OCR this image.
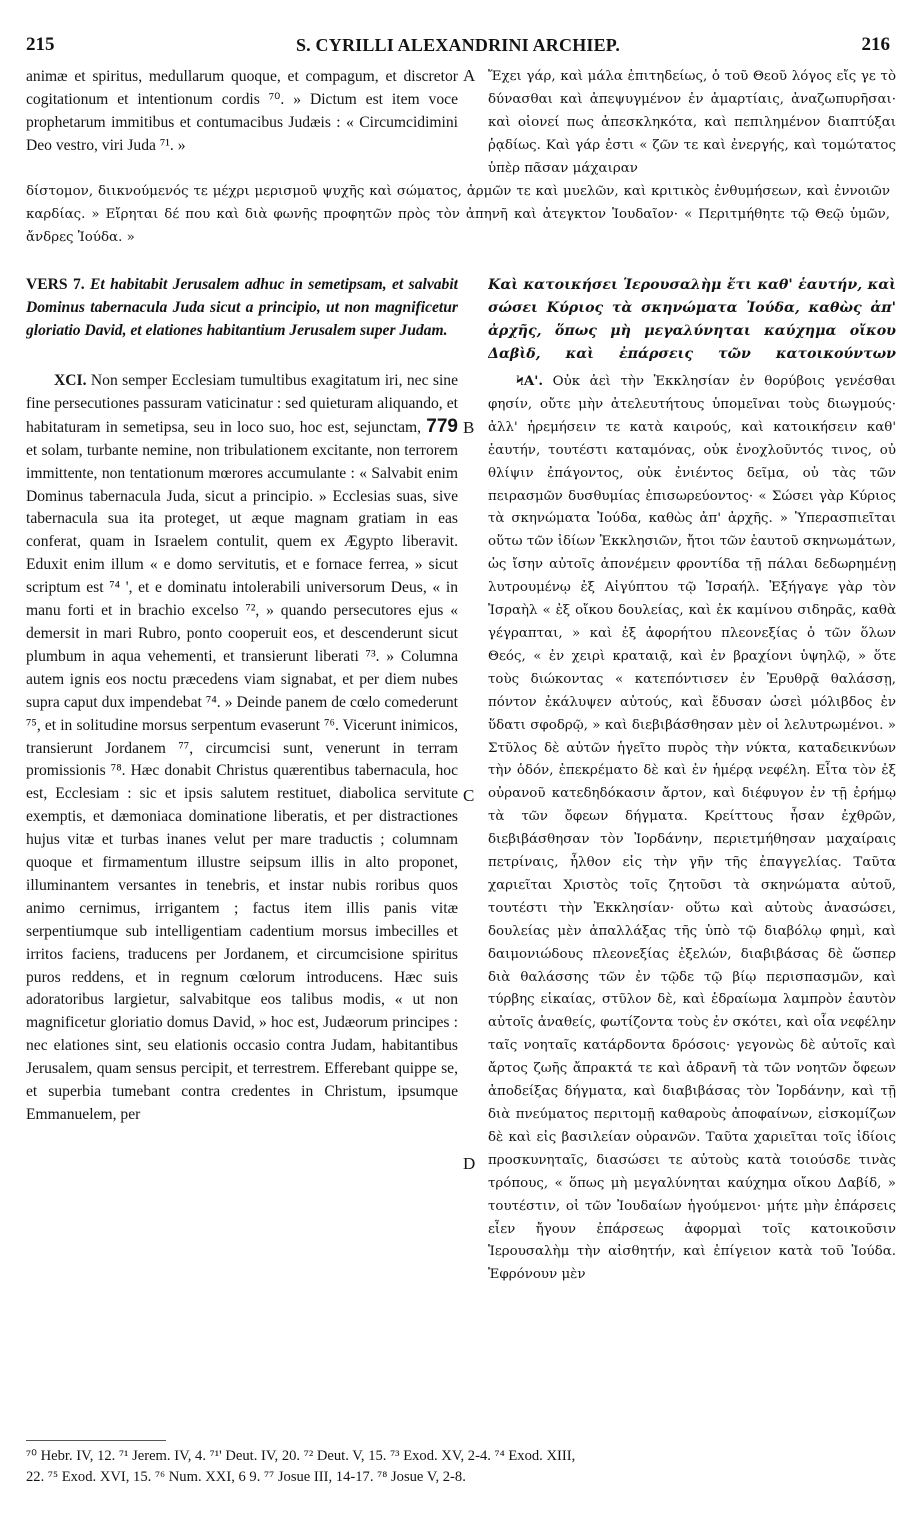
215	S. CYRILLI ALEXANDRINI ARCHIEP.	216
A
B
C
D

animæ et spiritus, medullarum quoque, et compagum, et discretor cogitationum et intentionum cordis ⁷⁰. » Dictum est item voce prophetarum immitibus et contumacibus Judæis : « Circumcidimini Deo vestro, viri Juda ⁷¹. »

Ἔχει γάρ, καὶ μάλα ἐπιτηδείως, ὁ τοῦ Θεοῦ λόγος εἴς γε τὸ δύνασθαι καὶ ἀπεψυγμένον ἐν ἁμαρτίαις, ἀναζωπυρῆσαι· καὶ οἱονεί πως ἀπεσκληκότα, καὶ πεπιλημένον διαπτύξαι ῥᾳδίως. Καὶ γάρ ἐστι « ζῶν τε καὶ ἐνεργής, καὶ τομώτατος ὑπὲρ πᾶσαν μάχαιραν

δίστομον, διικνούμενός τε μέχρι μερισμοῦ ψυχῆς καὶ σώματος, ἁρμῶν τε καὶ μυελῶν, καὶ κριτικὸς ἐνθυμήσεων, καὶ ἐννοιῶν καρδίας. » Εἴρηται δέ που καὶ διὰ φωνῆς προφητῶν πρὸς τὸν ἀπηνῆ καὶ ἀτεγκτον Ἰουδαῖον· « Περιτμήθητε τῷ Θεῷ ὑμῶν, ἄνδρες Ἰούδα. »

VERS 7. Et habitabit Jerusalem adhuc in semetipsam, et salvabit Dominus tabernacula Juda sicut a principio, ut non magnificetur gloriatio David, et elationes habitantium Jerusalem super Judam.

Καὶ κατοικήσει Ἱερουσαλὴμ ἔτι καθ' ἑαυτήν, καὶ σώσει Κύριος τὰ σκηνώματα Ἰούδα, καθὼς ἀπ' ἀρχῆς, ὅπως μὴ μεγαλύνηται καύχημα οἴκου Δαβὶδ, καὶ ἐπάρσεις τῶν κατοικούντων

XCI. Non semper Ecclesiam tumultibus exagitatum iri, nec sine fine persecutiones passuram vaticinatur : sed quieturam aliquando, et habitaturam in semetipsa, seu in loco suo, hoc est, sejunctam, 779 et solam, turbante nemine, non tribulationem excitante, non terrorem immittente, non tentationum mœrores accumulante : « Salvabit enim Dominus tabernacula Juda, sicut a principio. » Ecclesias suas, sive tabernacula sua ita proteget, ut æque magnam gratiam in eas conferat, quam in Israelem contulit, quem ex Ægypto liberavit. Eduxit enim illum « e domo servitutis, et e fornace ferrea, » sicut scriptum est ⁷⁴ ', et e dominatu intolerabili universorum Deus, « in manu forti et in brachio excelso ⁷², » quando persecutores ejus « demersit in mari Rubro, ponto cooperuit eos, et descenderunt sicut plumbum in aqua vehementi, et transierunt liberati ⁷³. » Columna autem ignis eos noctu præcedens viam signabat, et per diem nubes supra caput dux impendebat ⁷⁴. » Deinde panem de cœlo comederunt ⁷⁵, et in solitudine morsus serpentum evaserunt ⁷⁶. Vicerunt inimicos, transierunt Jordanem ⁷⁷, circumcisi sunt, venerunt in terram promissionis ⁷⁸. Hæc donabit Christus quærentibus tabernacula, hoc est, Ecclesiam : sic et ipsis salutem restituet, diabolica servitute exemptis, et dæmoniaca dominatione liberatis, et per distractiones hujus vitæ et turbas inanes velut per mare traductis ; columnam quoque et firmamentum illustre seipsum illis in alto proponet, illuminantem versantes in tenebris, et instar nubis roribus quos animo cernimus, irrigantem ; factus item illis panis vitæ serpentiumque sub intelligentiam cadentium morsus imbecilles et irritos faciens, traducens per Jordanem, et circumcisione spiritus puros reddens, et in regnum cœlorum introducens. Hæc suis adoratoribus largietur, salvabitque eos talibus modis, « ut non magnificetur gloriatio domus David, » hoc est, Judæorum principes : nec elationes sint, seu elationis occasio contra Judam, habitantibus Jerusalem, quam sensus percipit, et terrestrem. Efferebant quippe se, et superbia tumebant contra credentes in Christum, ipsumque Emmanuelem, per

ϞΑ'. Οὐκ ἀεὶ τὴν Ἐκκλησίαν ἐν θορύβοις γενέσθαι φησίν, οὔτε μὴν ἀτελευτήτους ὑπομεῖναι τοὺς διωγμούς· ἀλλ' ἠρεμήσειν τε κατὰ καιρούς, καὶ κατοικήσειν καθ' ἑαυτήν, τουτέστι καταμόνας, οὐκ ἐνοχλοῦντός τινος, οὐ θλίψιν ἐπάγοντος, οὐκ ἐνιέντος δεῖμα, οὐ τὰς τῶν πειρασμῶν δυσθυμίας ἐπισωρεύοντος· « Σώσει γὰρ Κύριος τὰ σκηνώματα Ἰούδα, καθὼς ἀπ' ἀρχῆς. » Ὑπερασπιεῖται οὕτω τῶν ἰδίων Ἐκκλησιῶν, ἤτοι τῶν ἑαυτοῦ σκηνωμάτων, ὡς ἴσην αὐτοῖς ἀπονέμειν φροντίδα τῇ πάλαι δεδωρημένῃ λυτρουμένῳ ἐξ Αἰγύπτου τῷ Ἰσραήλ. Ἐξήγαγε γὰρ τὸν Ἰσραὴλ « ἐξ οἴκου δουλείας, καὶ ἐκ καμίνου σιδηρᾶς, καθὰ γέγραπται, » καὶ ἐξ ἀφορήτου πλεονεξίας ὁ τῶν ὅλων Θεός, « ἐν χειρὶ κραταιᾷ, καὶ ἐν βραχίονι ὑψηλῷ, » ὅτε τοὺς διώκοντας « κατεπόντισεν ἐν Ἐρυθρᾷ θαλάσσῃ, πόντον ἐκάλυψεν αὐτούς, καὶ ἔδυσαν ὡσεὶ μόλιβδος ἐν ὕδατι σφοδρῷ, » καὶ διεβιβάσθησαν μὲν οἱ λελυτρωμένοι. » Στῦλος δὲ αὐτῶν ἡγεῖτο πυρὸς τὴν νύκτα, καταδεικνύων τὴν ὁδόν, ἐπεκρέματο δὲ καὶ ἐν ἡμέρᾳ νεφέλη. Εἶτα τὸν ἐξ οὐρανοῦ κατεδηδόκασιν ἄρτον, καὶ διέφυγον ἐν τῇ ἐρήμῳ τὰ τῶν ὄφεων δήγματα. Κρείττους ἦσαν ἐχθρῶν, διεβιβάσθησαν τὸν Ἰορδάνην, περιετμήθησαν μαχαίραις πετρίναις, ἦλθον εἰς τὴν γῆν τῆς ἐπαγγελίας. Ταῦτα χαριεῖται Χριστὸς τοῖς ζητοῦσι τὰ σκηνώματα αὐτοῦ, τουτέστι τὴν Ἐκκλησίαν· οὕτω καὶ αὐτοὺς ἀνασώσει, δουλείας μὲν ἀπαλλάξας τῆς ὑπὸ τῷ διαβόλῳ φημὶ, καὶ δαιμονιώδους πλεονεξίας ἐξελών, διαβιβάσας δὲ ὥσπερ διὰ θαλάσσης τῶν ἐν τῷδε τῷ βίῳ περισπασμῶν, καὶ τύρβης εἰκαίας, στῦλον δὲ, καὶ ἑδραίωμα λαμπρὸν ἑαυτὸν αὐτοῖς ἀναθείς, φωτίζοντα τοὺς ἐν σκότει, καὶ οἷα νεφέλην ταῖς νοηταῖς κατάρδοντα δρόσοις· γεγονὼς δὲ αὐτοῖς καὶ ἄρτος ζωῆς ἄπρακτά τε καὶ ἀδρανῆ τὰ τῶν νοητῶν ὄφεων ἀποδείξας δήγματα, καὶ διαβιβάσας τὸν Ἰορδάνην, καὶ τῇ διὰ πνεύματος περιτομῇ καθαροὺς ἀποφαίνων, εἰσκομίζων δὲ καὶ εἰς βασιλείαν οὐρανῶν. Ταῦτα χαριεῖται τοῖς ἰδίοις προσκυνηταῖς, διασώσει τε αὐτοὺς κατὰ τοιούσδε τινὰς τρόπους, « ὅπως μὴ μεγαλύνηται καύχημα οἴκου Δαβίδ, » τουτέστιν, οἱ τῶν Ἰουδαίων ἡγούμενοι· μήτε μὴν ἐπάρσεις εἶεν ἤγουν ἐπάρσεως ἀφορμαὶ τοῖς κατοικοῦσιν Ἱερουσαλὴμ τὴν αἰσθητήν, καὶ ἐπίγειον κατὰ τοῦ Ἰούδα. Ἐφρόνουν μὲν

⁷⁰ Hebr. IV, 12. ⁷¹ Jerem. IV, 4. ⁷¹' Deut. IV, 20. ⁷² Deut. V, 15. ⁷³ Exod. XV, 2-4. ⁷⁴ Exod. XIII,
22. ⁷⁵ Exod. XVI, 15. ⁷⁶ Num. XXI, 6 9. ⁷⁷ Josue III, 14-17. ⁷⁸ Josue V, 2-8.
